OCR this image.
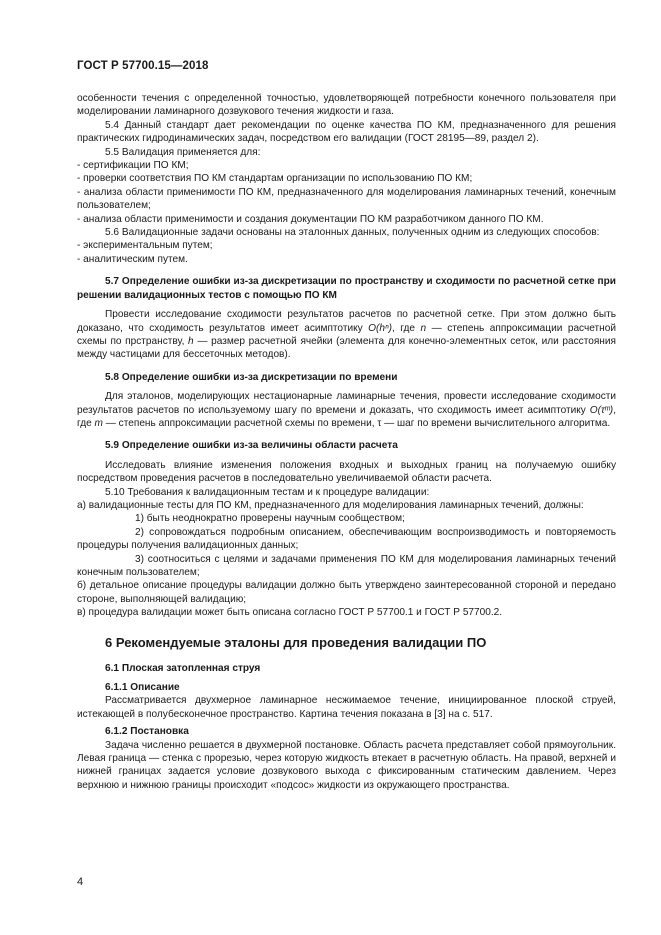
ГОСТ Р 57700.15—2018

особенности течения с определенной точностью, удовлетворяющей потребности конечного пользователя при моделировании ламинарного дозвукового течения жидкости и газа.

5.4 Данный стандарт дает рекомендации по оценке качества ПО КМ, предназначенного для решения практических гидродинамических задач, посредством его валидации (ГОСТ 28195—89, раздел 2).

5.5 Валидация применяется для:

- сертификации ПО КМ;

- проверки соответствия ПО КМ стандартам организации по использованию ПО КМ;

- анализа области применимости ПО КМ, предназначенного для моделирования ламинарных течений, конечным пользователем;

- анализа области применимости и создания документации ПО КМ разработчиком данного ПО КМ.

5.6 Валидационные задачи основаны на эталонных данных, полученных одним из следующих способов:

- экспериментальным путем;

- аналитическим путем.

5.7 Определение ошибки из-за дискретизации по пространству и сходимости по расчетной сетке при решении валидационных тестов с помощью ПО КМ

Провести исследование сходимости результатов расчетов по расчетной сетке. При этом должно быть доказано, что сходимость результатов имеет асимптотику O(hⁿ), где n — степень аппроксимации расчетной схемы по прстранству, h — размер расчетной ячейки (элемента для конечно-элементных сеток, или расстояния между частицами для бессеточных методов).

5.8 Определение ошибки из-за дискретизации по времени

Для эталонов, моделирующих нестационарные ламинарные течения, провести исследование сходимости результатов расчетов по используемому шагу по времени и доказать, что сходимость имеет асимптотику O(τᵐ), где m — степень аппроксимации расчетной схемы по времени, τ — шаг по времени вычислительного алгоритма.

5.9 Определение ошибки из-за величины области расчета

Исследовать влияние изменения положения входных и выходных границ на получаемую ошибку посредством проведения расчетов в последовательно увеличиваемой области расчета.

5.10 Требования к валидационным тестам и к процедуре валидации:

а) валидационные тесты для ПО КМ, предназначенного для моделирования ламинарных течений, должны:

1) быть неоднократно проверены научным сообществом;

2) сопровождаться подробным описанием, обеспечивающим воспроизводимость и повторяемость процедуры получения валидационных данных;

3) соотноситься с целями и задачами применения ПО КМ для моделирования ламинарных течений конечным пользователем;

б) детальное описание процедуры валидации должно быть утверждено заинтересованной стороной и передано стороне, выполняющей валидацию;

в) процедура валидации может быть описана согласно ГОСТ Р 57700.1 и ГОСТ Р 57700.2.

6 Рекомендуемые эталоны для проведения валидации ПО

6.1 Плоская затопленная струя

6.1.1 Описание

Рассматривается двухмерное ламинарное несжимаемое течение, инициированное плоской струей, истекающей в полубесконечное пространство. Картина течения показана в [3] на с. 517.

6.1.2 Постановка

Задача численно решается в двухмерной постановке. Область расчета представляет собой прямоугольник. Левая граница — стенка с прорезью, через которую жидкость втекает в расчетную область. На правой, верхней и нижней границах задается условие дозвукового выхода с фиксированным статическим давлением. Через верхнюю и нижнюю границы происходит «подсос» жидкости из окружающего пространства.

4
